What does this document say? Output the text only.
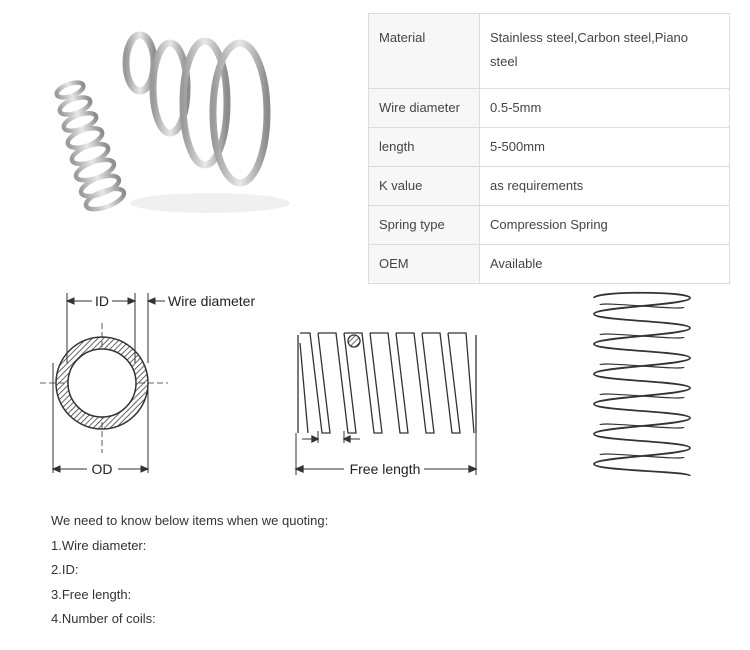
Material	Stainless steel,Carbon steel,Piano steel
Wire diameter	0.5-5mm
length	5-500mm
K value	as requirements
Spring type	Compression Spring
OEM	Available
ID	Wire diameter
OD	Free length
We need to know below items when we quoting:
1.Wire diameter:
2.ID:
3.Free length:
4.Number of coils:
